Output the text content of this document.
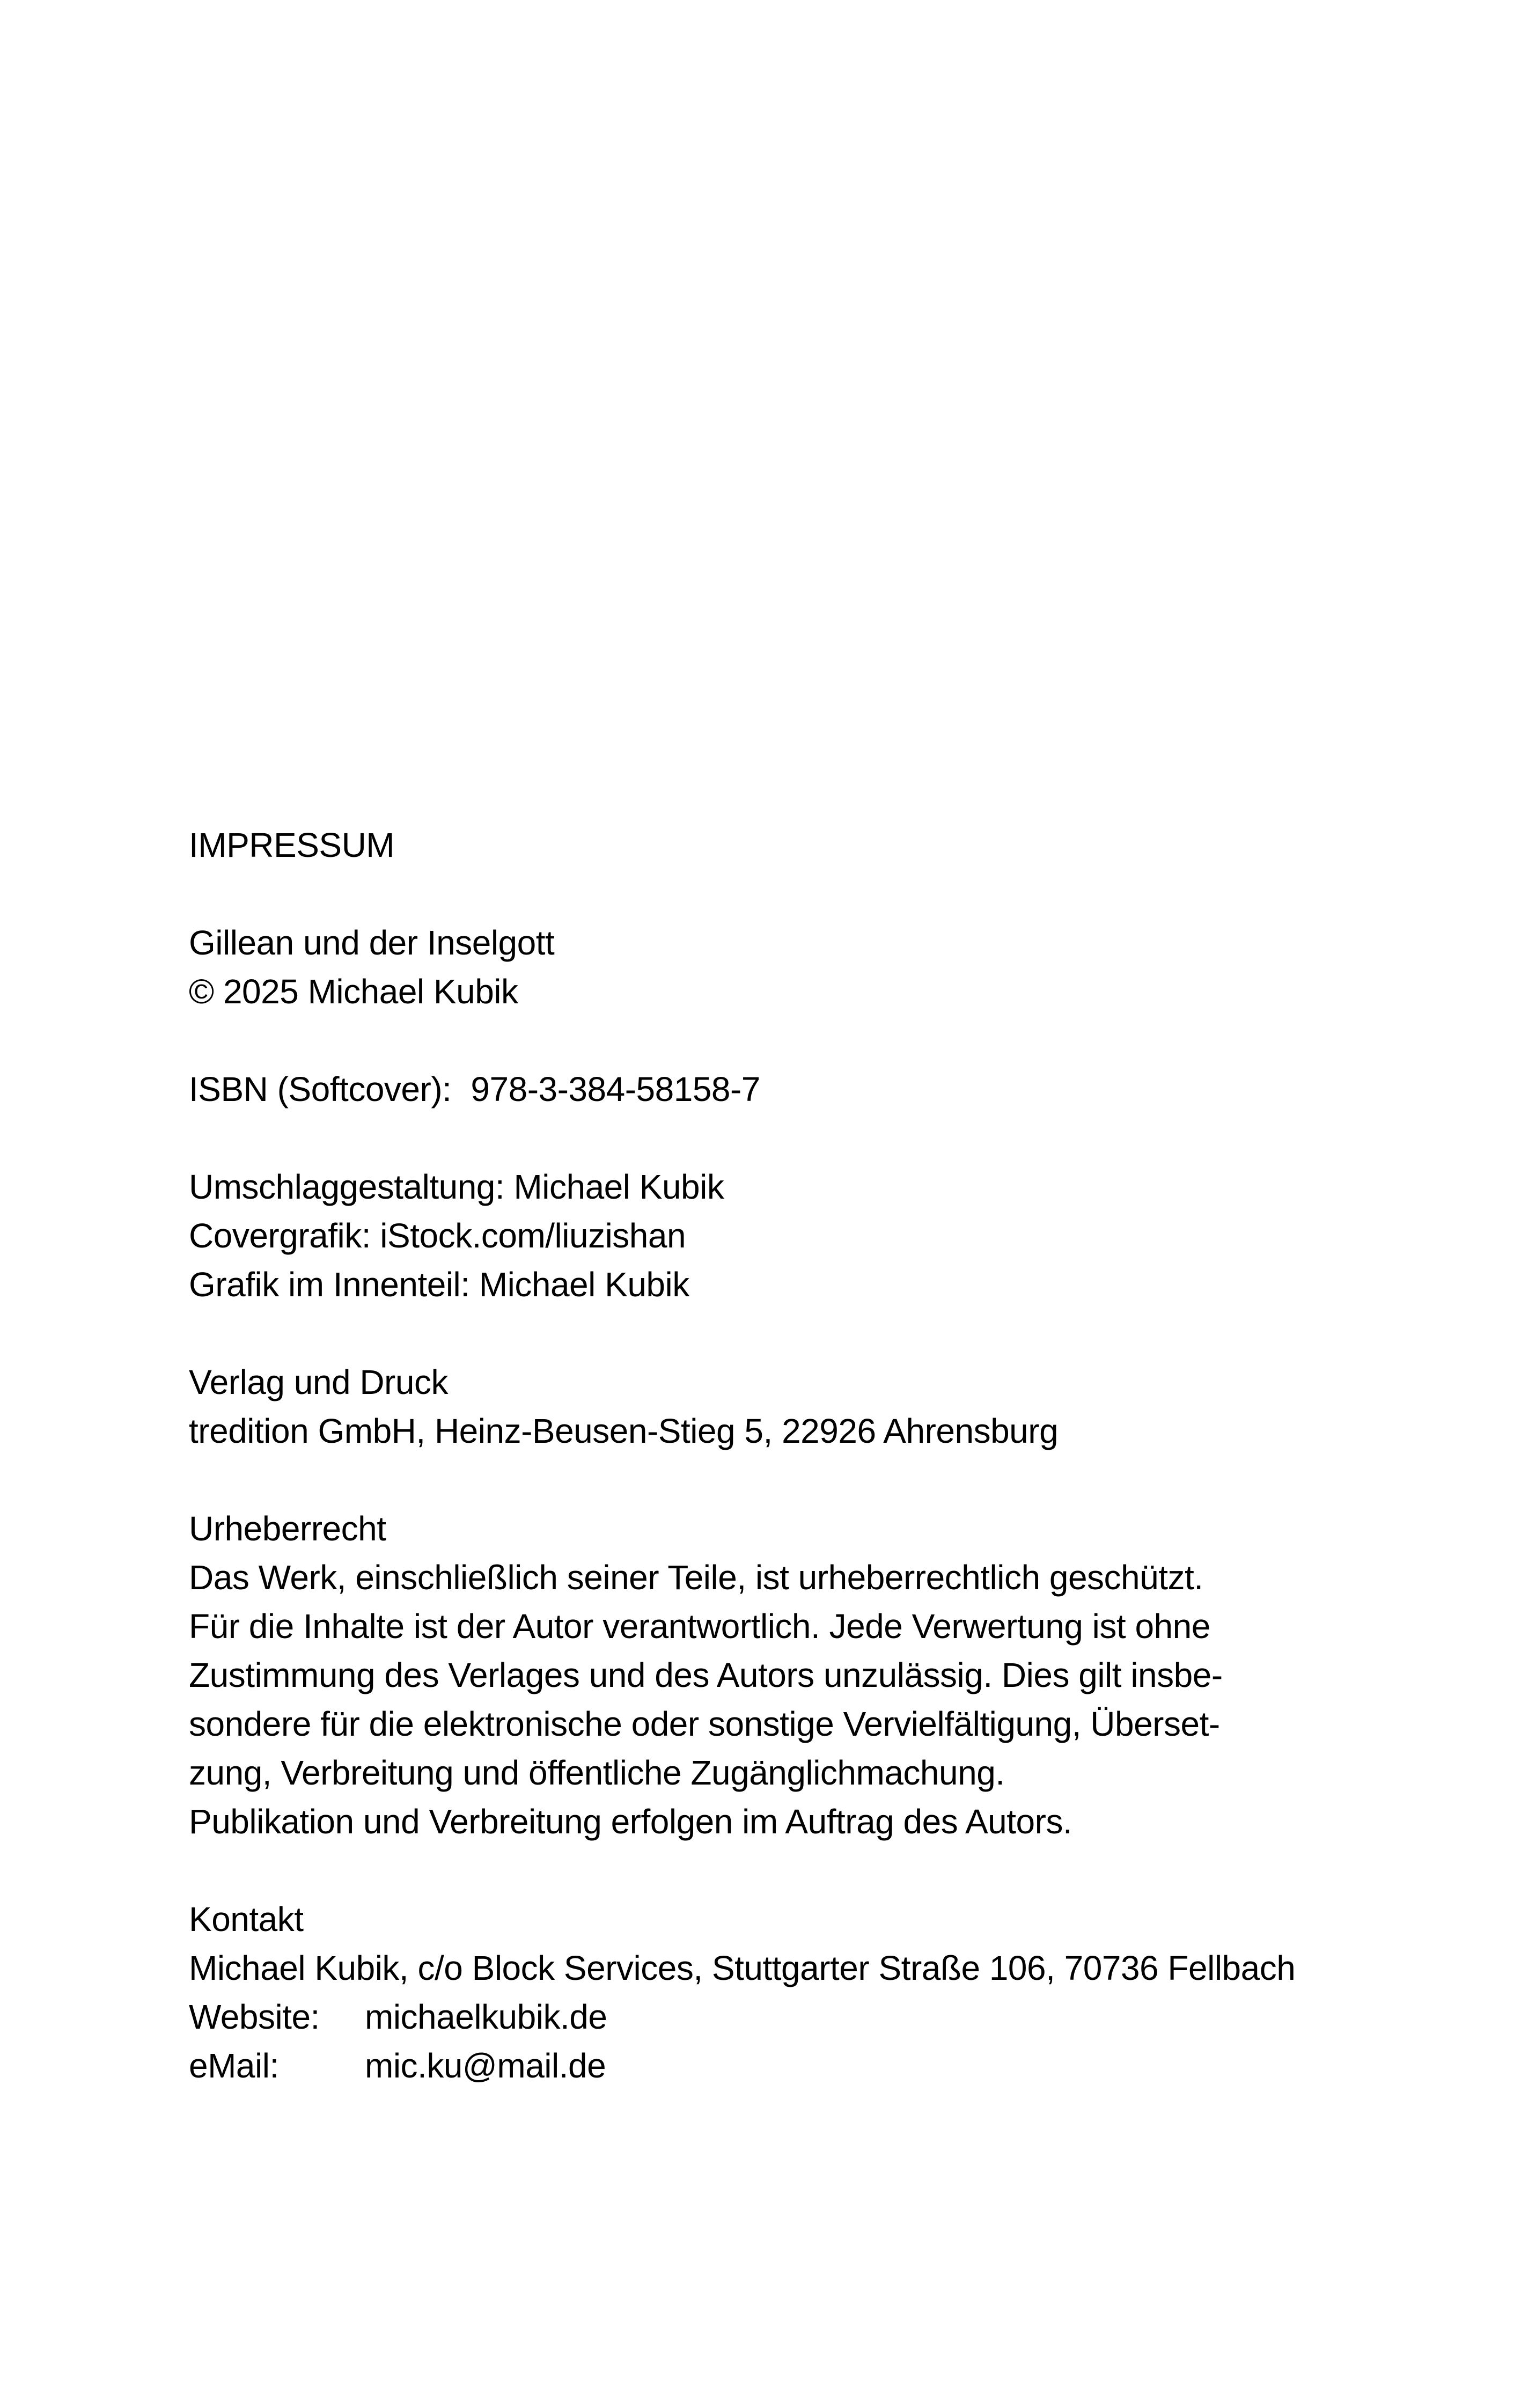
IMPRESSUM
Gillean und der Inselgott
© 2025 Michael Kubik
ISBN (Softcover): 978-3-384-58158-7
Umschlaggestaltung: Michael Kubik
Covergrafik: iStock.com/liuzishan
Grafik im Innenteil: Michael Kubik
Verlag und Druck
tredition GmbH, Heinz-Beusen-Stieg 5, 22926 Ahrensburg
Urheberrecht
Das Werk, einschließlich seiner Teile, ist urheberrechtlich geschützt.
Für die Inhalte ist der Autor verantwortlich. Jede Verwertung ist ohne
Zustimmung des Verlages und des Autors unzulässig. Dies gilt insbe-
sondere für die elektronische oder sonstige Vervielfältigung, Überset-
zung, Verbreitung und öffentliche Zugänglichmachung.
Publikation und Verbreitung erfolgen im Auftrag des Autors.
Kontakt
Michael Kubik, c/o Block Services, Stuttgarter Straße 106, 70736 Fellbach
Website: michaelkubik.de
eMail:	mic.ku@mail.de
